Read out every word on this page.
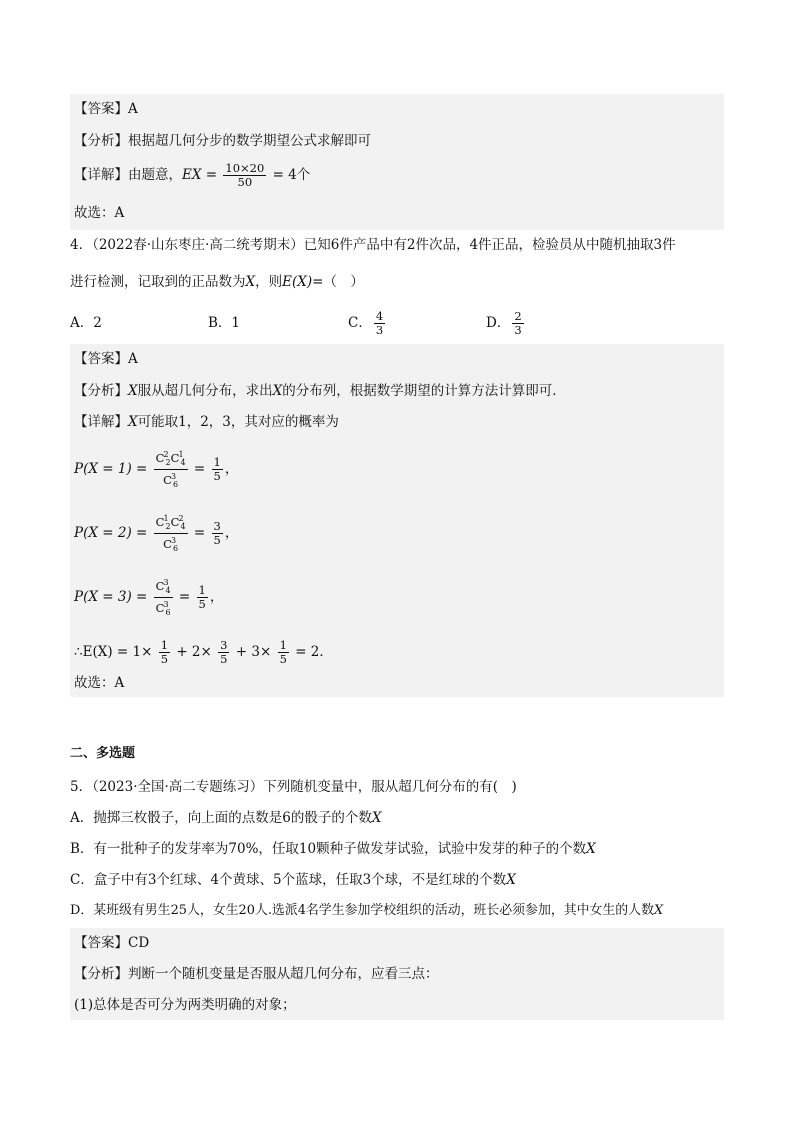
【答案】A
【分析】根据超几何分步的数学期望公式求解即可
【详解】由题意，EX = $\frac{10\times 20}{50} = 4$个
故选：A
4．（2022春·山东枣庄·高二统考期末）已知6件产品中有2件次品，4件正品，检验员从中随机抽取3件
进行检测，记取到的正品数为X，则E(X)=（　）
A．2	B．1	C． $\frac{4}{3}$	D． $\frac{2}{3}$
【答案】A
【分析】X服从超几何分布，求出X的分布列，根据数学期望的计算方法计算即可．
【详解】X可能取1，2，3，其对应的概率为
$P(X = 1) = \frac{C^2_2C^1_4}{C^3_6} = \frac{1}{5}$ ，
$P(X = 2) = \frac{C^1_2C^2_4}{C^3_6} = \frac{3}{5}$ ，
$P(X = 3) = \frac{C^3_4}{C^3_6} = \frac{1}{5}$ ，
∴E(X) = $1\times \frac{1}{5} + 2\times \frac{3}{5} + 3\times \frac{1}{5} = 2$．
故选：A
二、多选题
5．（2023·全国·高二专题练习）下列随机变量中，服从超几何分布的有(　)
A．抛掷三枚骰子，向上面的点数是6的骰子的个数X
B．有一批种子的发芽率为70%，任取10颗种子做发芽试验，试验中发芽的种子的个数X
C．盒子中有3个红球、4个黄球、5个蓝球，任取3个球，不是红球的个数X
D．某班级有男生25人，女生20人.选派4名学生参加学校组织的活动，班长必须参加，其中女生的人数X
【答案】CD
【分析】判断一个随机变量是否服从超几何分布，应看三点：
(1)总体是否可分为两类明确的对象；
